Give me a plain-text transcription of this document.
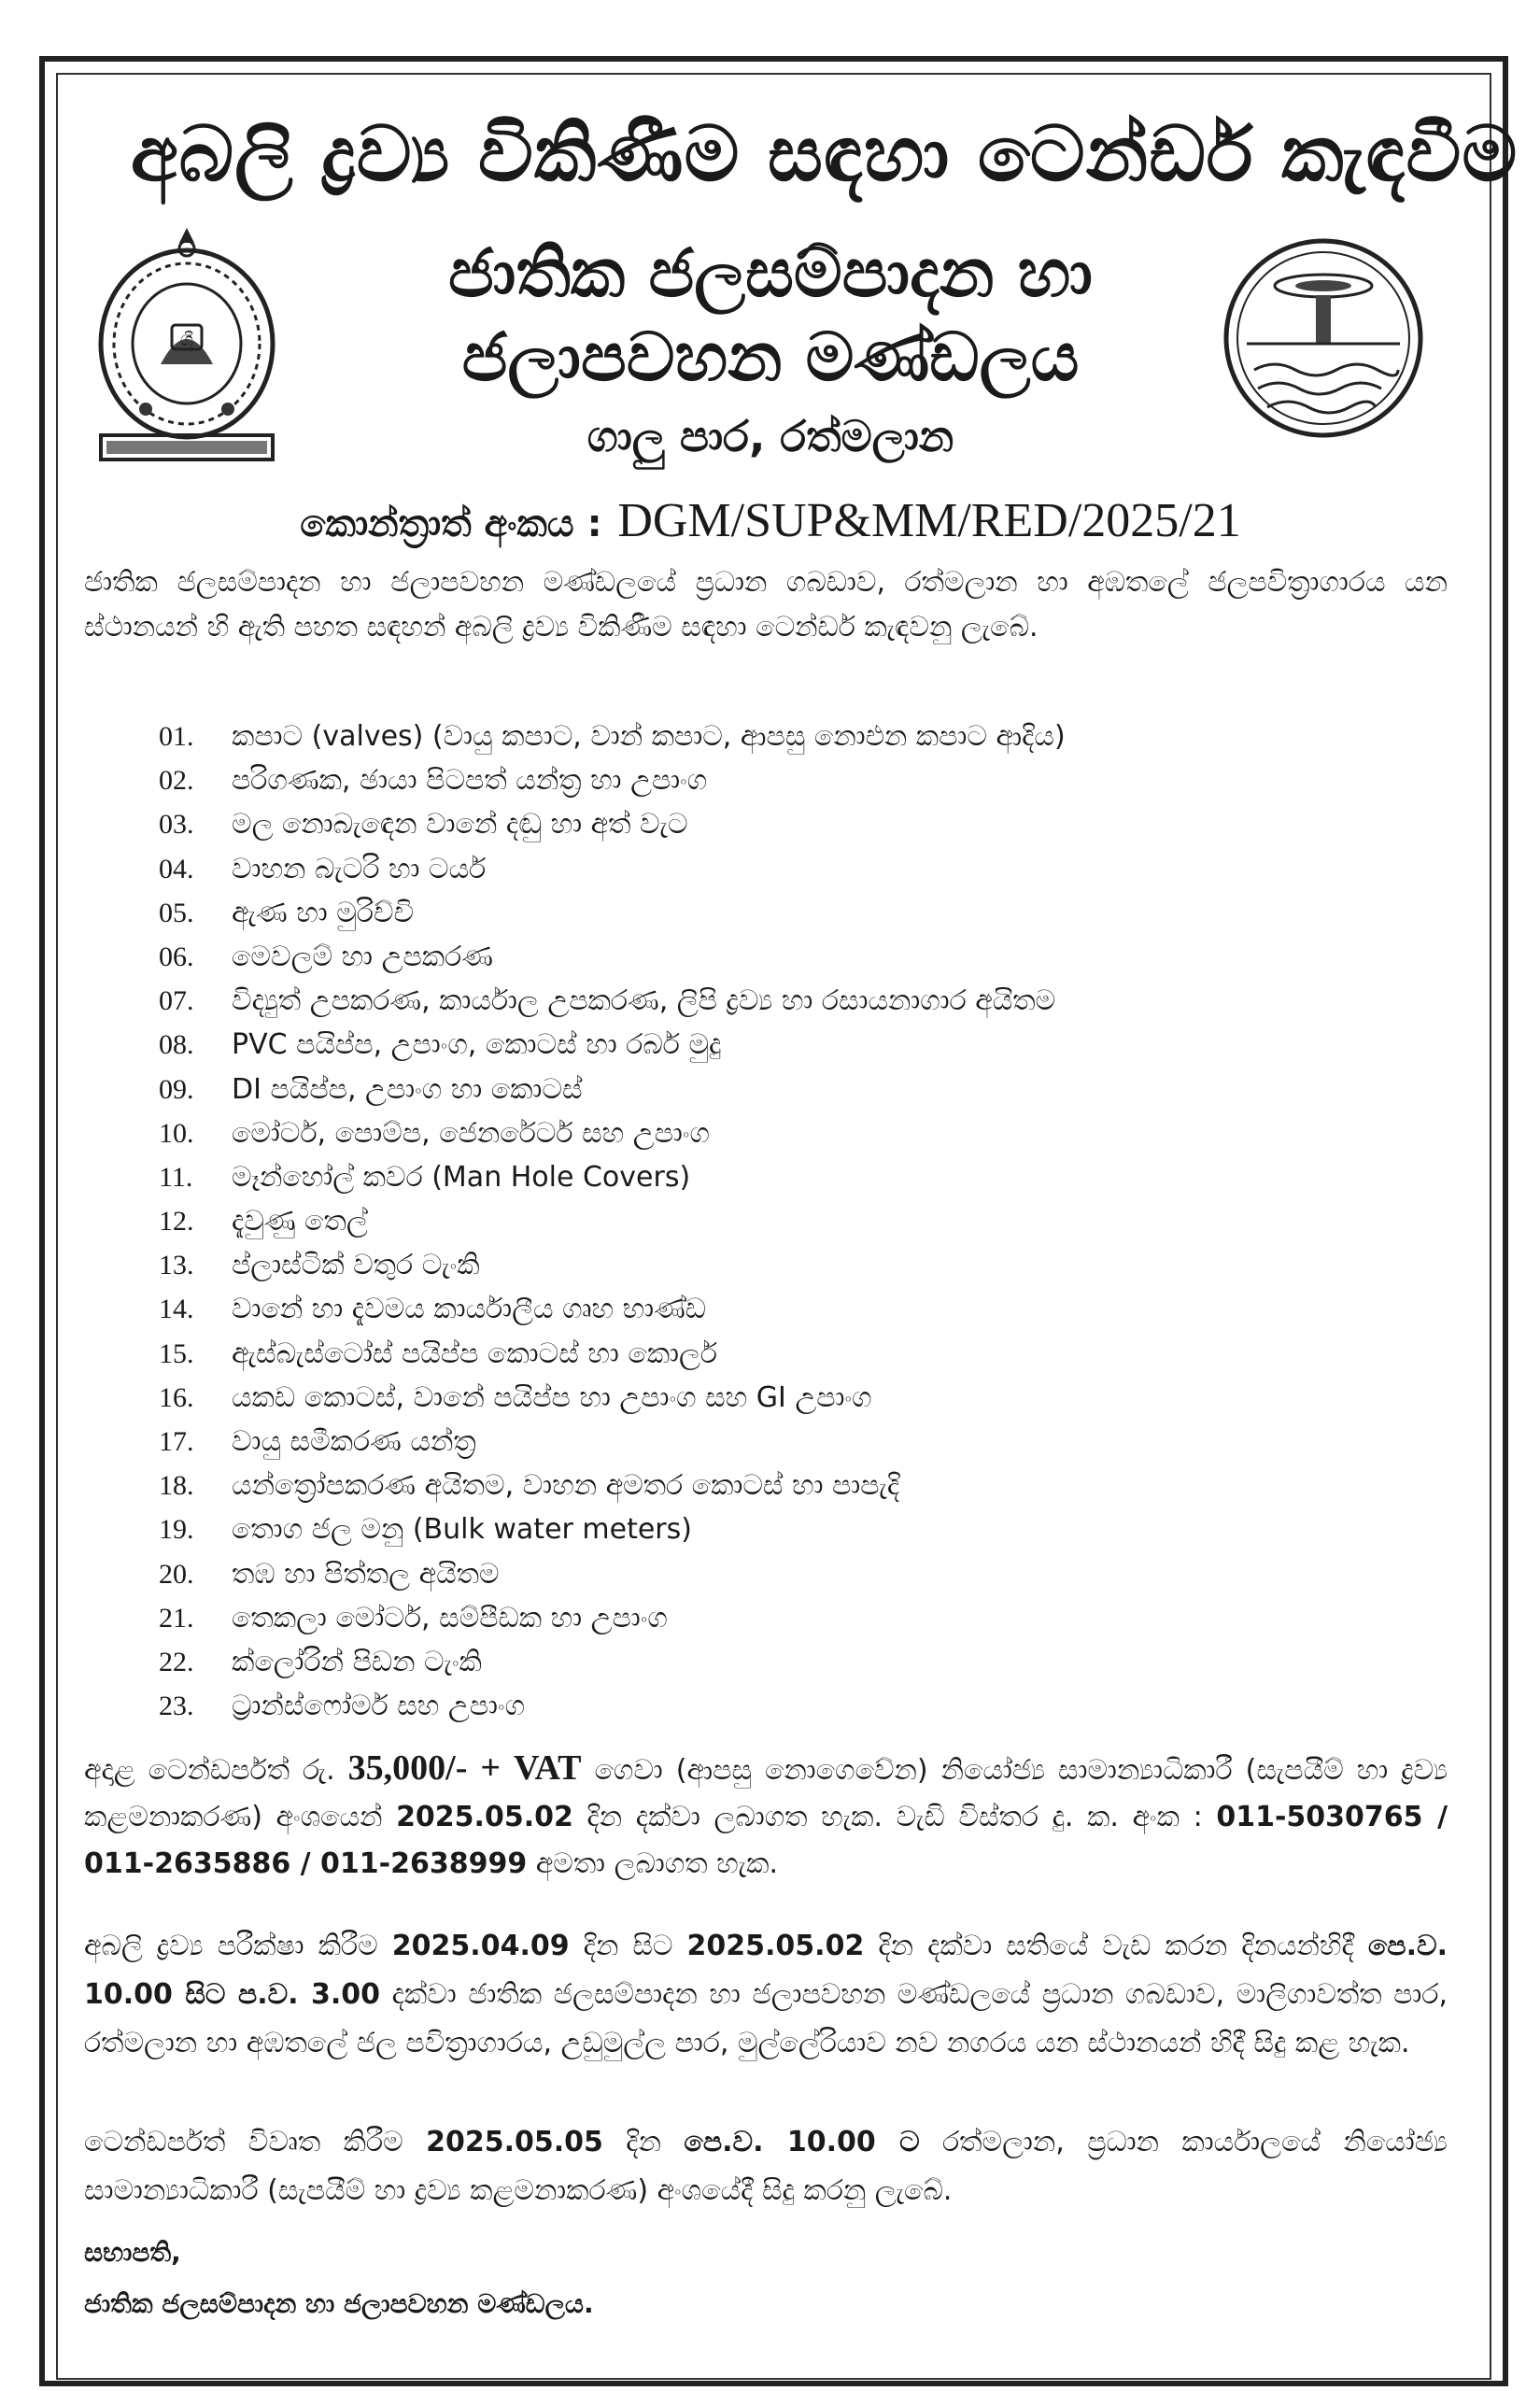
අබලි ද්‍රව්‍ය විකිණීම සඳහා ටෙන්ඩර් කැඳවීම
ශ්‍රී
ජාතික ජලසම්පාදන හා
ජලාපවහන මණ්ඩලය
ගාලු පාර, රත්මලාන
කොන්ත්‍රාත් අංකය : DGM/SUP&MM/RED/2025/21
ජාතික ජලසම්පාදන හා ජලාපවහන මණ්ඩලයේ ප්‍රධාන ගබඩාව, රත්මලාන හා අඹතලේ ජලපවිත්‍රාගාරය යන ස්ථානයන් හි ඇති පහත සඳහන් අබලි ද්‍රව්‍ය විකිණීම සඳහා ටෙන්ඩර් කැඳවනු ලැබේ.
01. කපාට (valves) (වායු කපාට, වාන් කපාට, ආපසු නොඑන කපාට ආදිය)
02. පරිගණක, ඡායා පිටපත් යන්ත්‍ර හා උපාංග
03. මල නොබැඳෙන වානේ දඬු හා අත් වැට
04. වාහන බැටරි හා ටයර්
05. ඇණ හා මුරිච්චි
06. මෙවලම් හා උපකරණ
07. විද්‍යුත් උපකරණ, කාර්යාල උපකරණ, ලිපි ද්‍රව්‍ය හා රසායනාගාර අයිතම
08. PVC පයිප්ප, උපාංග, කොටස් හා රබර් මුදු
09. DI පයිප්ප, උපාංග හා කොටස්
10. මෝටර්, පොම්ප, ජෙනරේටර් සහ උපාංග
11. මෑන්හෝල් කවර (Man Hole Covers)
12. දැවුණු තෙල්
13. ප්ලාස්ටික් වතුර ටැංකි
14. වානේ හා දැවමය කාර්යාලීය ගෘහ භාණ්ඩ
15. ඇස්බැස්ටෝස් පයිප්ප කොටස් හා කොලර්
16. යකඩ කොටස්, වානේ පයිප්ප හා උපාංග සහ GI උපාංග
17. වායු සමීකරණ යන්ත්‍ර
18. යන්ත්‍රෝපකරණ අයිතම, වාහන අමතර කොටස් හා පාපැදි
19. තොග ජල මනු (Bulk water meters)
20. තඹ හා පිත්තල අයිතම
21. තෙකලා මෝටර්, සම්පීඩක හා උපාංග
22. ක්ලෝරින් පිඩන ටැංකි
23. ට්‍රාන්ස්ෆෝමර් සහ උපාංග
අදාළ ටෙන්ඩර්පත් රු. 35,000/- + VAT ගෙවා (ආපසු නොගෙවේන) නියෝජ්‍ය සාමාන්‍යාධිකාරී (සැපයීම් හා ද්‍රව්‍ය කළමනාකරණ) අංශයෙන් 2025.05.02 දින දක්වා ලබාගත හැක. වැඩි විස්තර දු. ක. අංක : 011-5030765 / 011-2635886 / 011-2638999 අමතා ලබාගත හැක.
අබලි ද්‍රව්‍ය පරීක්ෂා කිරීම 2025.04.09 දින සිට 2025.05.02 දින දක්වා සතියේ වැඩ කරන දිනයන්හිදී පෙ.ව. 10.00 සිට ප.ව. 3.00 දක්වා ජාතික ජලසම්පාදන හා ජලාපවහන මණ්ඩලයේ ප්‍රධාන ගබඩාව, මාලිගාවත්ත පාර, රත්මලාන හා අඹතලේ ජල පවිත්‍රාගාරය, උඩුමුල්ල පාර, මුල්ලේරියාව නව නගරය යන ස්ථානයන් හිදී සිදු කළ හැක.
ටෙන්ඩර්පත් විවෘත කිරීම 2025.05.05 දින පෙ.ව. 10.00 ට රත්මලාන, ප්‍රධාන කාර්යාලයේ නියෝජ්‍ය සාමාන්‍යාධිකාරී (සැපයීම් හා ද්‍රව්‍ය කළමනාකරණ) අංශයේදී සිදු කරනු ලැබේ.
සභාපති,
ජාතික ජලසම්පාදන හා ජලාපවහන මණ්ඩලය.
